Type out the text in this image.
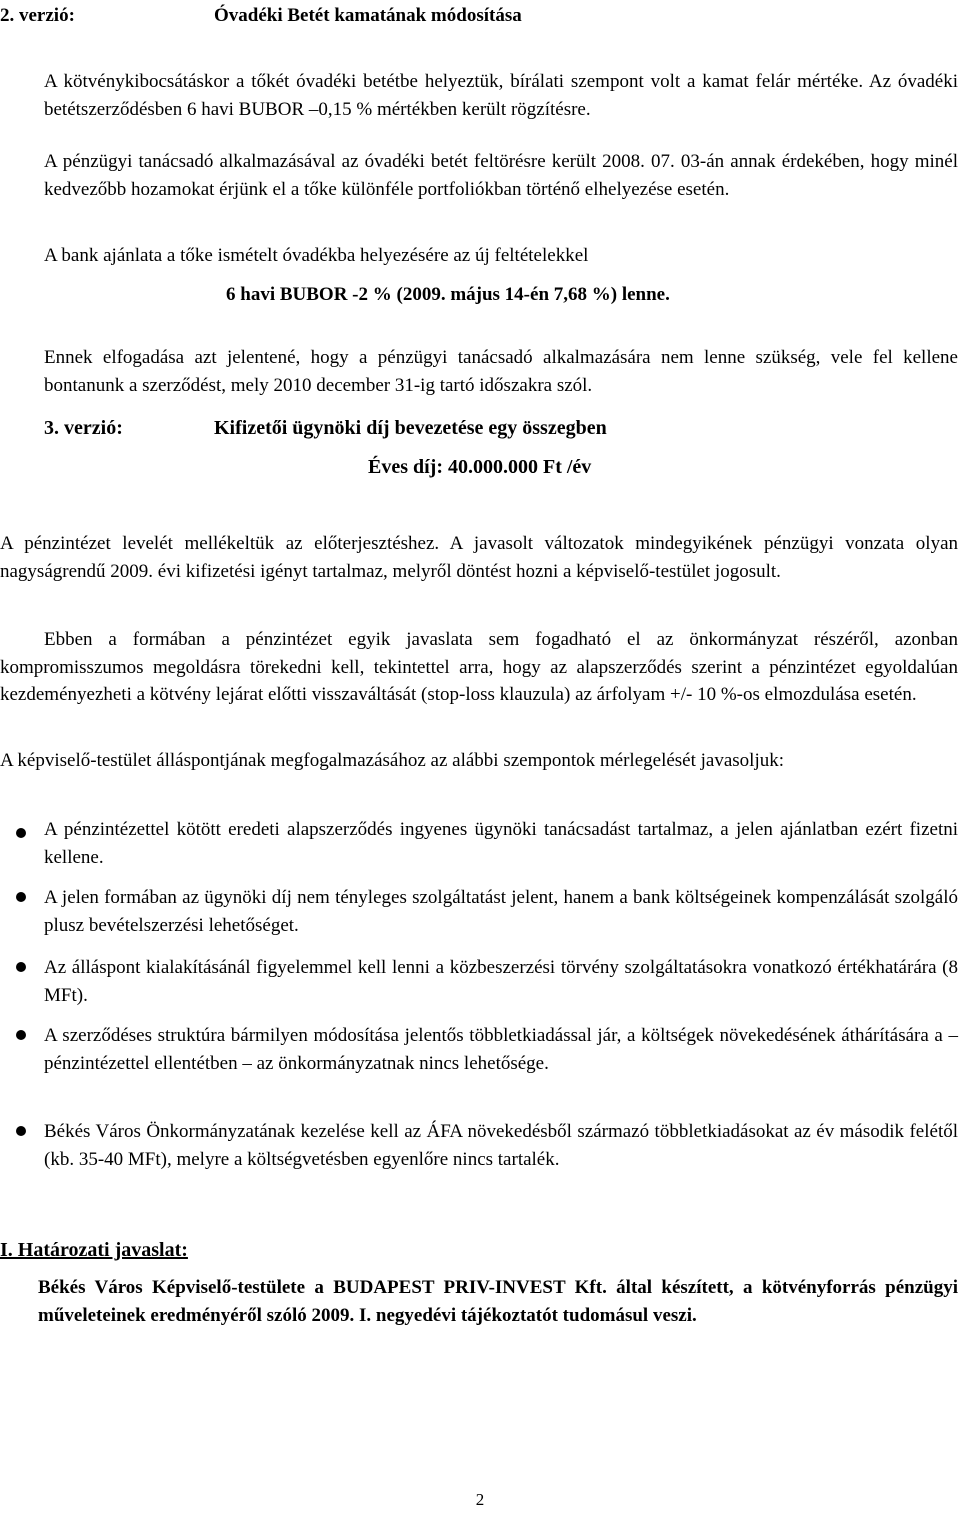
2. verzió:	Óvadéki Betét kamatának módosítása
A kötvénykibocsátáskor a tőkét óvadéki betétbe helyeztük, bírálati szempont volt a kamat felár mértéke. Az óvadéki betétszerződésben 6 havi BUBOR –0,15 % mértékben került rögzítésre.
A pénzügyi tanácsadó alkalmazásával az óvadéki betét feltörésre került 2008. 07. 03-án annak érdekében, hogy minél kedvezőbb hozamokat érjünk el a tőke különféle portfoliókban történő elhelyezése esetén.
A bank ajánlata a tőke ismételt óvadékba helyezésére az új feltételekkel
6 havi BUBOR -2 % (2009. május 14-én 7,68 %) lenne.
Ennek elfogadása azt jelentené, hogy a pénzügyi tanácsadó alkalmazására nem lenne szükség, vele fel kellene bontanunk a szerződést, mely 2010 december 31-ig tartó időszakra szól.
3. verzió:	Kifizetői ügynöki díj bevezetése egy összegben
Éves díj: 40.000.000 Ft /év
A pénzintézet levelét mellékeltük az előterjesztéshez. A javasolt változatok mindegyikének pénzügyi vonzata olyan nagyságrendű 2009. évi kifizetési igényt tartalmaz, melyről döntést hozni a képviselő-testület jogosult.
Ebben a formában a pénzintézet egyik javaslata sem fogadható el az önkormányzat részéről, azonban kompromisszumos megoldásra törekedni kell, tekintettel arra, hogy az alapszerződés szerint a pénzintézet egyoldalúan kezdeményezheti a kötvény lejárat előtti visszaváltását (stop-loss klauzula) az árfolyam +/- 10 %-os elmozdulása esetén.
A képviselő-testület álláspontjának megfogalmazásához az alábbi szempontok mérlegelését javasoljuk:
A pénzintézettel kötött eredeti alapszerződés ingyenes ügynöki tanácsadást tartalmaz, a jelen ajánlatban ezért fizetni kellene.
A jelen formában az ügynöki díj nem tényleges szolgáltatást jelent, hanem a bank költségeinek kompenzálását szolgáló plusz bevételszerzési lehetőséget.
Az álláspont kialakításánál figyelemmel kell lenni a közbeszerzési törvény szolgáltatásokra vonatkozó értékhatárára (8 MFt).
A szerződéses struktúra bármilyen módosítása jelentős többletkiadással jár, a költségek növekedésének áthárítására a – pénzintézettel ellentétben – az önkormányzatnak nincs lehetősége.
Békés Város Önkormányzatának kezelése kell az ÁFA növekedésből származó többletkiadásokat az év második felétől (kb. 35-40 MFt), melyre a költségvetésben egyenlőre nincs tartalék.
I. Határozati javaslat:
Békés Város Képviselő-testülete a BUDAPEST PRIV-INVEST Kft. által készített, a kötvényforrás pénzügyi műveleteinek eredményéről szóló 2009. I. negyedévi tájékoztatót tudomásul veszi.
2
